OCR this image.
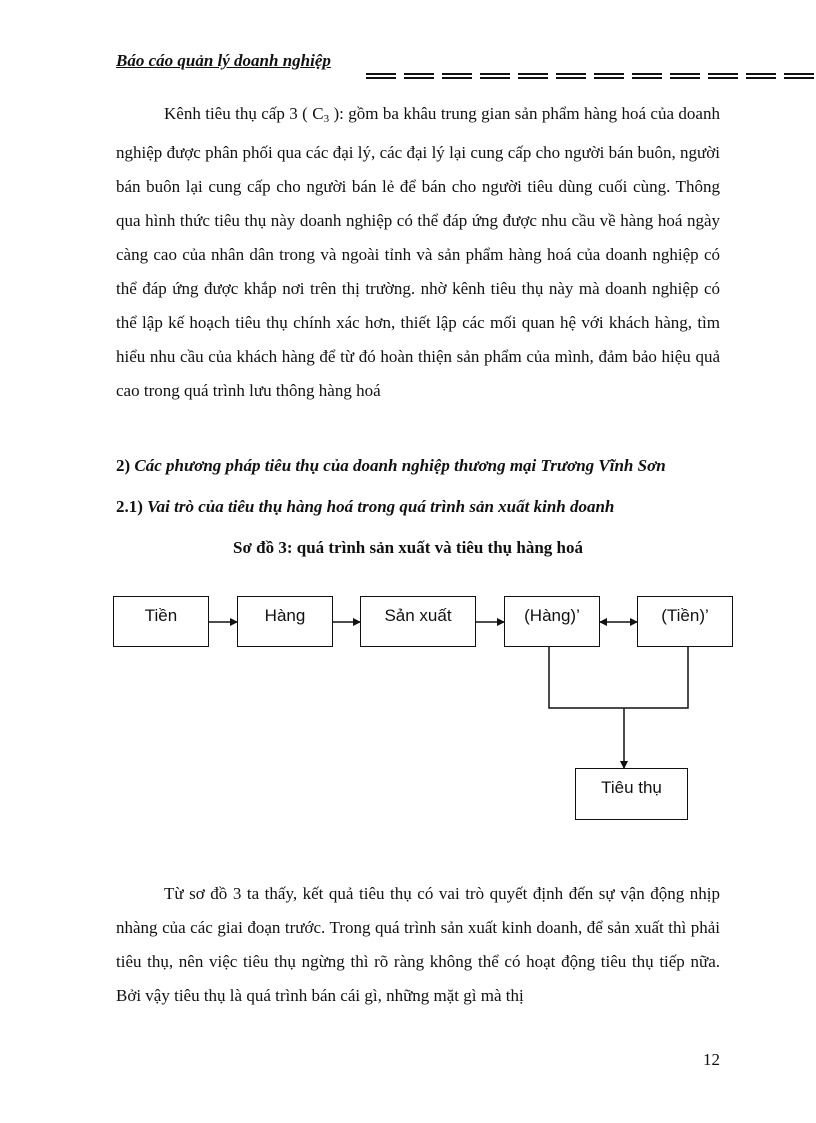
Báo cáo quản lý doanh nghiệp

Kênh tiêu thụ cấp 3 ( $C_3$ ): gồm ba khâu trung gian sản phẩm hàng hoá của doanh nghiệp được phân phối qua các đại lý, các đại lý lại cung cấp cho người bán buôn, người bán buôn lại cung cấp cho người bán lẻ để bán cho người tiêu dùng cuối cùng. Thông qua hình thức tiêu thụ này doanh nghiệp có thể đáp ứng được nhu cầu về hàng hoá ngày càng cao của nhân dân trong và ngoài tỉnh và sản phẩm hàng hoá của doanh nghiệp có thể đáp ứng được khắp nơi trên thị trường. nhờ kênh tiêu thụ này mà doanh nghiệp có thể lập kế hoạch tiêu thụ chính xác hơn, thiết lập các mối quan hệ với khách hàng, tìm hiểu nhu cầu của khách hàng để từ đó hoàn thiện sản phẩm của mình, đảm bảo hiệu quả cao trong quá trình lưu thông hàng hoá

2) Các phương pháp tiêu thụ của doanh nghiệp thương mại Trương Vĩnh Sơn

2.1) Vai trò của tiêu thụ hàng hoá trong quá trình sản xuất kinh doanh

Sơ đồ 3: quá trình sản xuất và tiêu thụ hàng hoá

Tiền	Hàng	Sản xuất	(Hàng)’	(Tiền)’
Tiêu thụ

Từ sơ đồ 3 ta thấy, kết quả tiêu thụ có vai trò quyết định đến sự vận động nhịp nhàng của các giai đoạn trước. Trong quá trình sản xuất kinh doanh, để sản xuất thì phải tiêu thụ, nên việc tiêu thụ ngừng thì rõ ràng không thể có hoạt động tiêu thụ tiếp nữa. Bởi vậy tiêu thụ là quá trình bán cái gì, những mặt gì mà thị

12
